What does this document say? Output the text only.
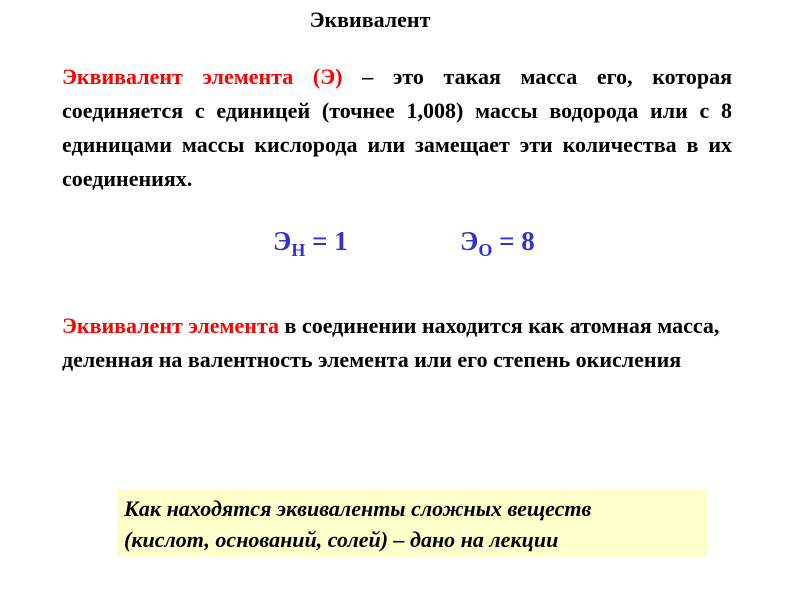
Эквивалент
Эквивалент элемента (Э) – это такая масса его, которая соединяется с единицей (точнее 1,008) массы водорода или с 8 единицами массы кислорода или замещает эти количества в их соединениях.
$Э_H = 1$	$Э_O = 8$
Эквивалент элемента в соединении находится как атомная масса, деленная на валентность элемента или его степень окисления
Как находятся эквиваленты сложных веществ
(кислот, оснований, солей) – дано на лекции
